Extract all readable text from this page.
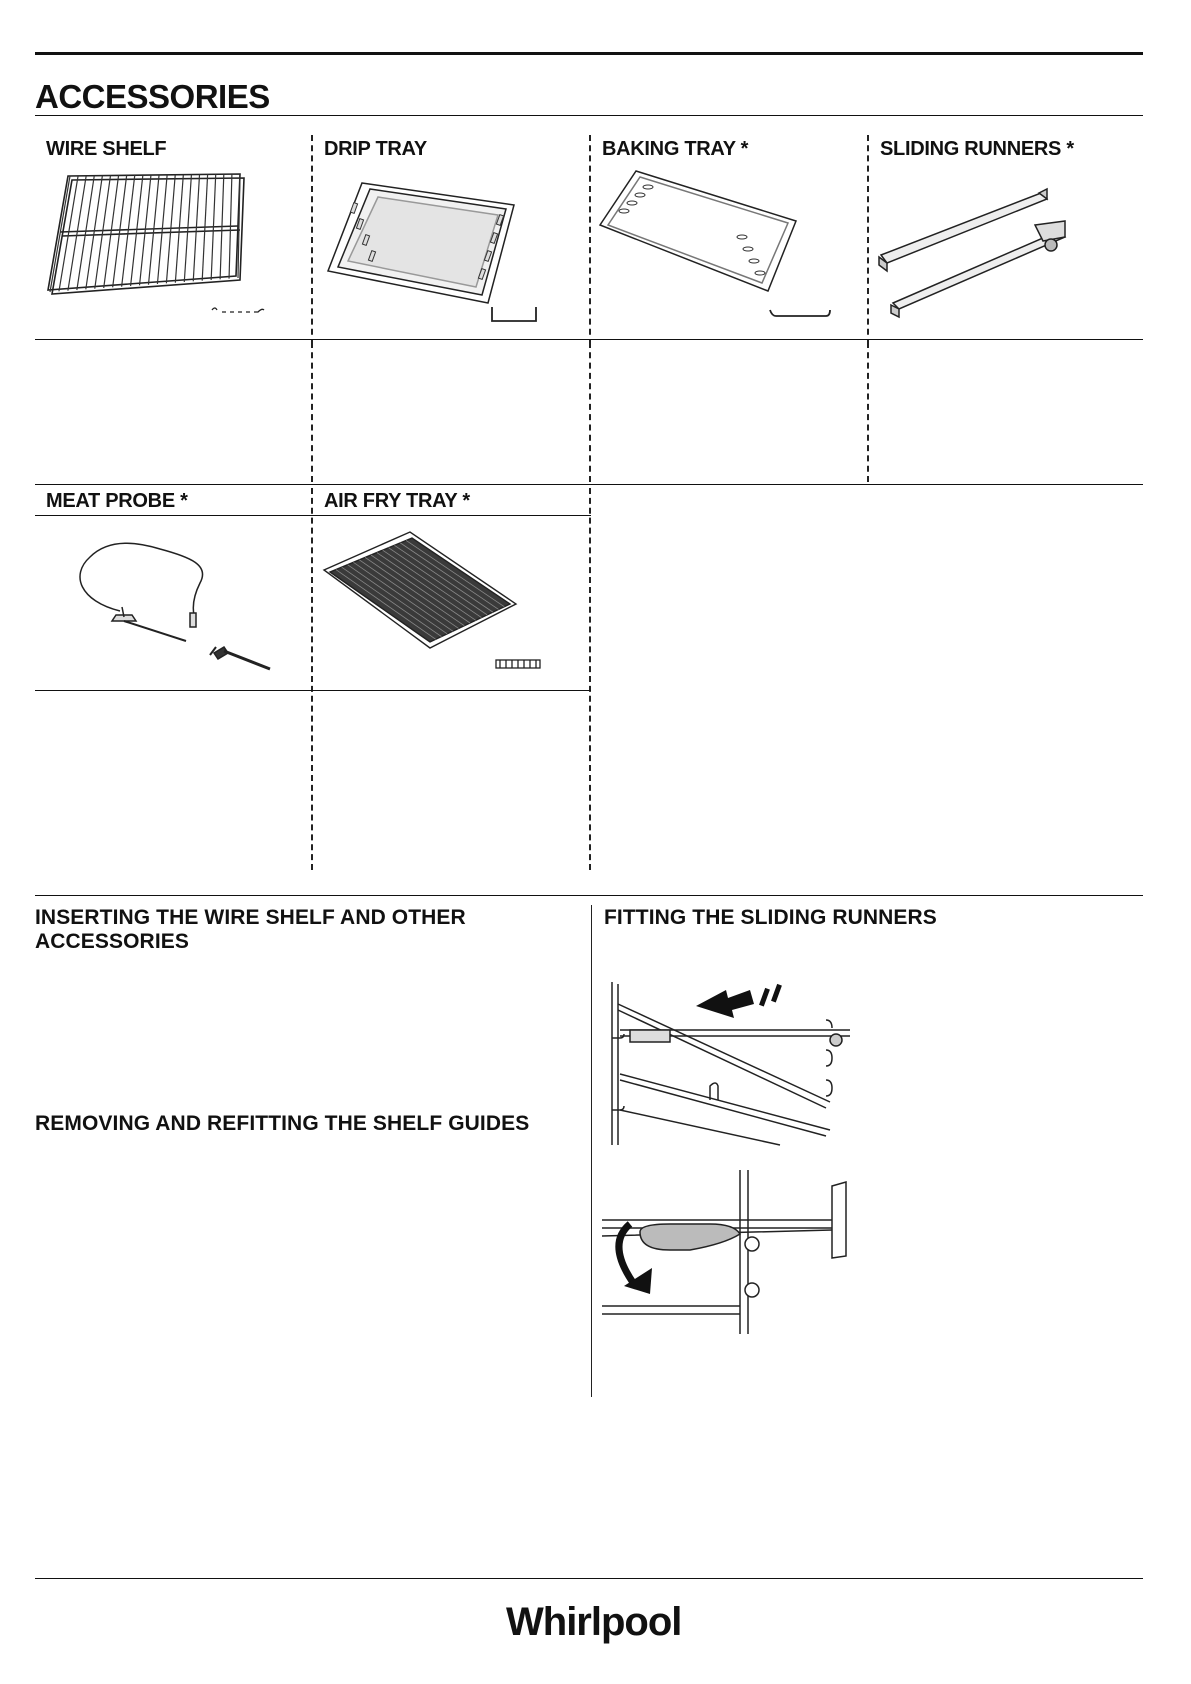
ACCESSORIES
WIRE SHELF	DRIP TRAY	BAKING TRAY *	SLIDING RUNNERS *
MEAT PROBE *	AIR FRY TRAY *
INSERTING THE WIRE SHELF AND OTHER ACCESSORIES
REMOVING AND REFITTING THE SHELF GUIDES
FITTING THE SLIDING RUNNERS
Whirlpool
